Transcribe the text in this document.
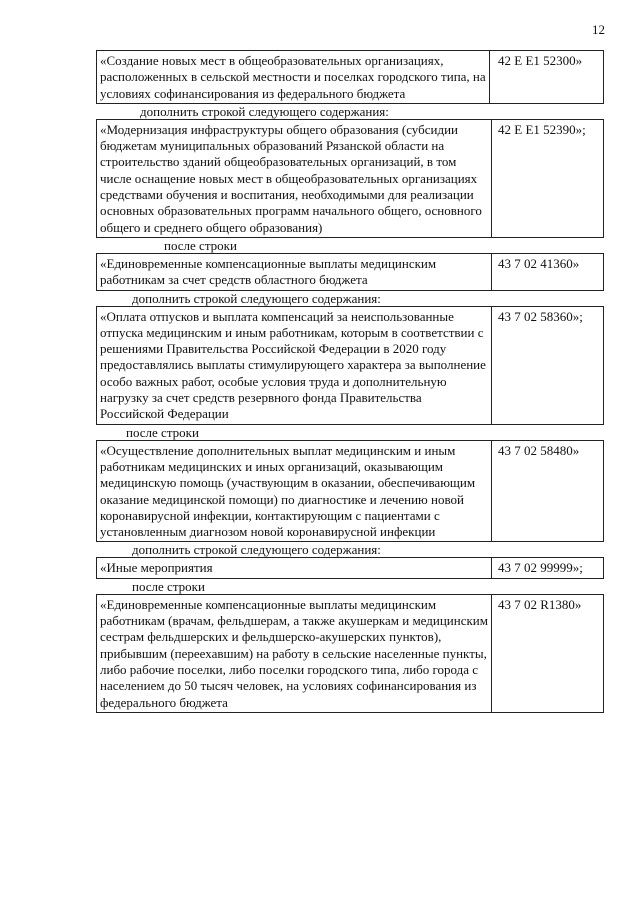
12
«Создание новых мест в общеобразовательных организациях, расположенных в сельской местности и поселках городского типа, на условиях софинансирования из федерального бюджета
42 Е Е1 52300»
дополнить строкой следующего содержания:
«Модернизация инфраструктуры общего образования (субсидии бюджетам муниципальных образований Рязанской области на строительство зданий общеобразовательных организаций, в том числе оснащение новых мест в общеобразовательных организациях средствами обучения и воспитания, необходимыми для реализации основных образовательных программ начального общего, основного общего и среднего общего образования)
42 Е Е1 52390»;
после строки
«Единовременные компенсационные выплаты медицинским работникам за счет средств областного бюджета
43 7 02 41360»
дополнить строкой следующего содержания:
«Оплата отпусков и выплата компенсаций за неиспользованные отпуска медицинским и иным работникам, которым в соответствии с решениями Правительства Российской Федерации в 2020 году предоставлялись выплаты стимулирующего характера за выполнение особо важных работ, особые условия труда и дополнительную нагрузку за счет средств резервного фонда Правительства Российской Федерации
43 7 02 58360»;
после строки
«Осуществление дополнительных выплат медицинским и иным работникам медицинских и иных организаций, оказывающим медицинскую помощь (участвующим в оказании, обеспечивающим оказание медицинской помощи) по диагностике и лечению новой коронавирусной инфекции, контактирующим с пациентами с установленным диагнозом новой коронавирусной инфекции
43 7 02 58480»
дополнить строкой следующего содержания:
«Иные мероприятия	43 7 02 99999»;
после строки
«Единовременные компенсационные выплаты медицинским работникам (врачам, фельдшерам, а также акушеркам и медицинским сестрам фельдшерских и фельдшерско-акушерских пунктов), прибывшим (переехавшим) на работу в сельские населенные пункты, либо рабочие поселки, либо поселки городского типа, либо города с населением до 50 тысяч человек, на условиях софинансирования из федерального бюджета
43 7 02 R1380»
